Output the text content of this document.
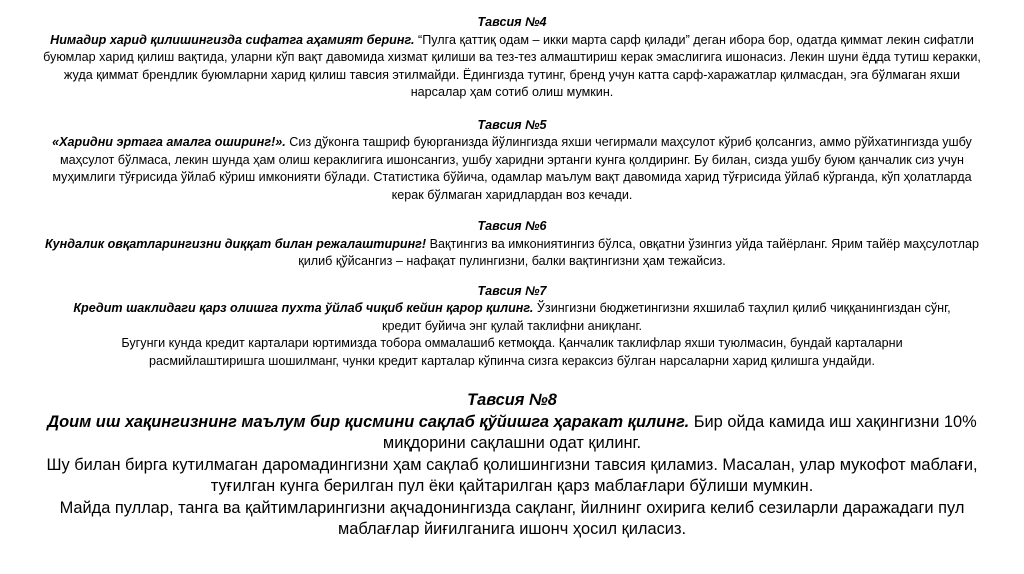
Тавсия №4
Нимадир харид қилишингизда сифатга аҳамият беринг. “Пулга қаттиқ одам – икки марта сарф қилади” деган ибора бор, одатда қиммат лекин сифатли буюмлар харид қилиш вақтида, уларни кўп вақт давомида хизмат қилиши ва тез-тез алмаштириш керак эмаслигига ишонасиз. Лекин шуни ёдда тутиш керакки, жуда қиммат брендлик буюмларни харид қилиш тавсия этилмайди. Ёдингизда тутинг, бренд учун катта сарф-харажатлар қилмасдан, эга бўлмаган яхши нарсалар ҳам сотиб олиш мумкин.
Тавсия №5
«Харидни эртага амалга оширинг!». Сиз дўконга ташриф буюрганизда йўлингизда яхши чегирмали маҳсулот кўриб қолсангиз, аммо рўйхатингизда ушбу маҳсулот бўлмаса, лекин шунда ҳам олиш кераклигига ишонсангиз, ушбу харидни эртанги кунга қолдиринг. Бу билан, сизда ушбу буюм қанчалик сиз учун муҳимлиги тўғрисида ўйлаб кўриш имконияти бўлади. Статистика бўйича, одамлар маълум вақт давомида харид тўғрисида ўйлаб кўрганда, кўп ҳолатларда керак бўлмаган харидлардан воз кечади.
Тавсия №6
Кундалик овқатларингизни диққат билан режалаштиринг! Вақтингиз ва имкониятингиз бўлса, овқатни ўзингиз уйда тайёрланг. Ярим тайёр маҳсулотлар қилиб қўйсангиз – нафақат пулингизни, балки вақтингизни ҳам тежайсиз.
Тавсия №7
Кредит шаклидаги қарз олишга пухта ўйлаб чиқиб кейин қарор қилинг. Ўзингизни бюджетингизни яхшилаб таҳлил қилиб чиққанингиздан сўнг, кредит буйича энг қулай таклифни аниқланг.
Бугунги кунда кредит карталари юртимизда тобора оммалашиб кетмоқда. Қанчалик таклифлар яхши туюлмасин, бундай карталарни расмийлаштиришга шошилманг, чунки кредит карталар кўпинча сизга кераксиз бўлган нарсаларни харид қилишга ундайди.
Тавсия №8
Доим иш хақингизнинг маълум бир қисмини сақлаб қўйишга ҳаракат қилинг. Бир ойда камида иш хақингизни 10% миқдорини сақлашни одат қилинг.
Шу билан бирга кутилмаган даромадингизни ҳам сақлаб қолишингизни тавсия қиламиз. Масалан, улар мукофот маблағи, туғилган кунга берилган пул ёки қайтарилган қарз маблағлари бўлиши мумкин.
Майда пуллар, танга ва қайтимларингизни ақчадонингизда сақланг, йилнинг охирига келиб сезиларли даражадаги пул маблағлар йиғилганига ишонч ҳосил қиласиз.
